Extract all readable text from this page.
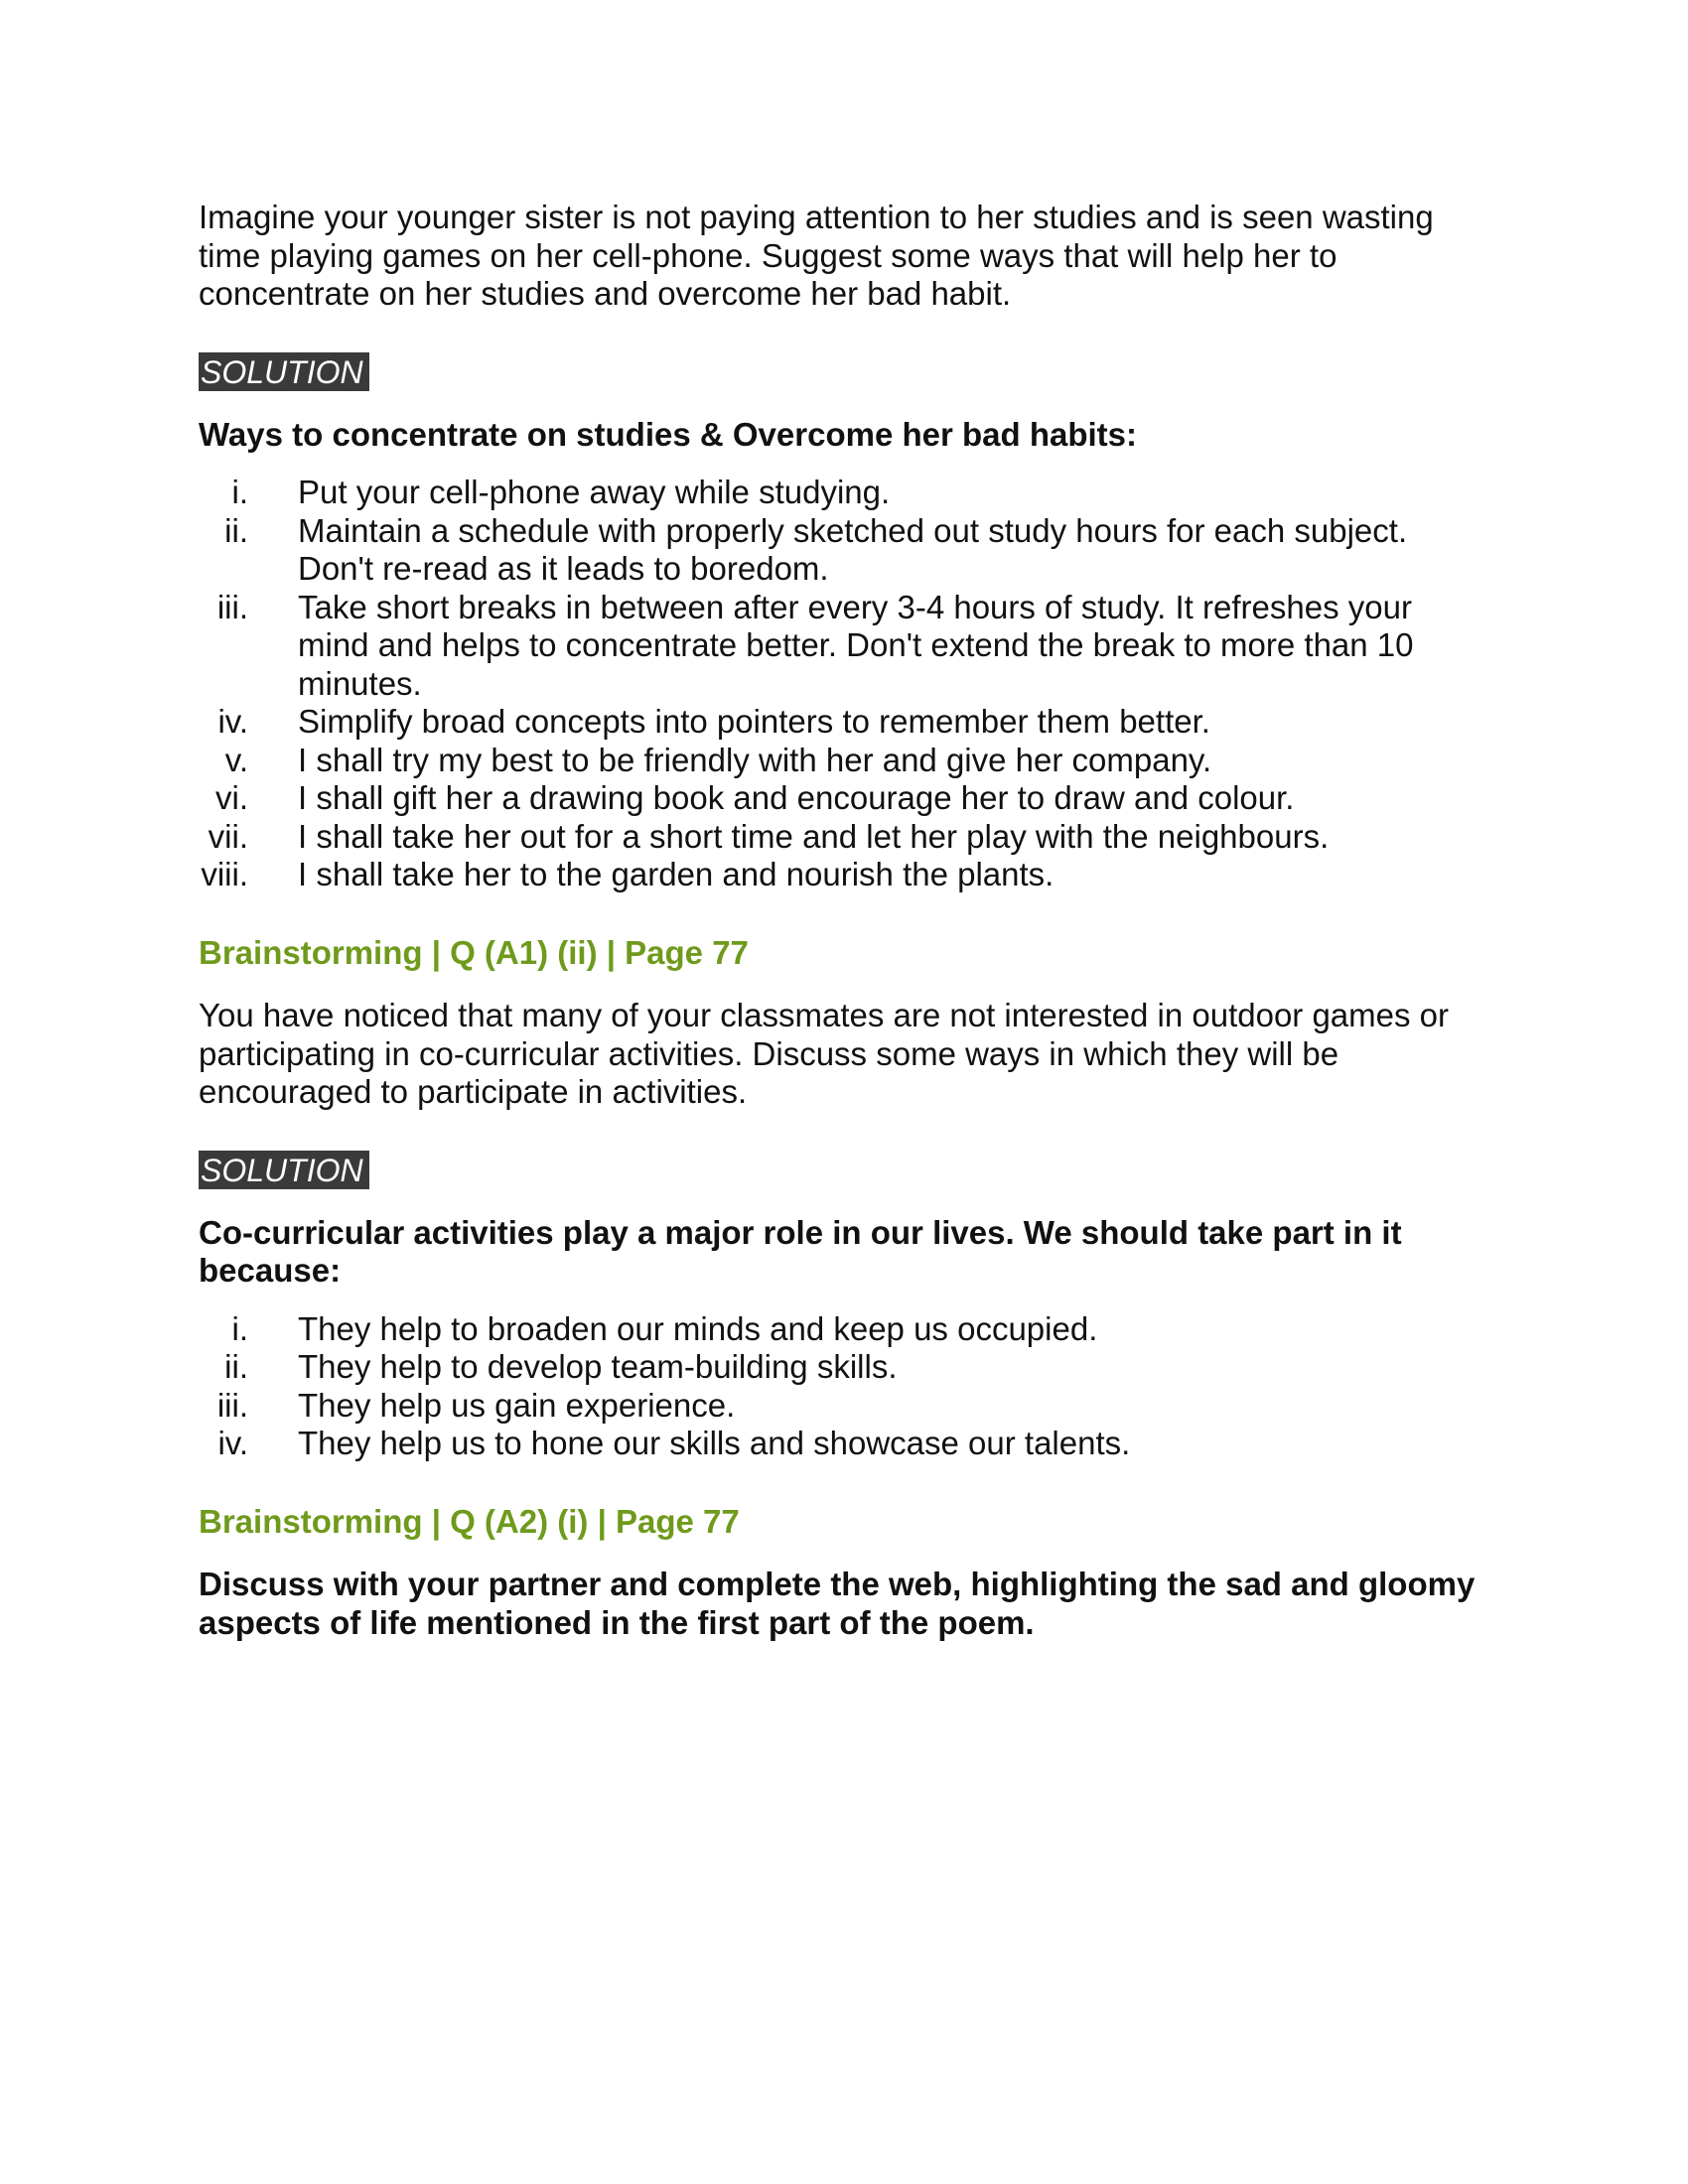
Imagine your younger sister is not paying attention to her studies and is seen wasting time playing games on her cell-phone. Suggest some ways that will help her to concentrate on her studies and overcome her bad habit.

SOLUTION

Ways to concentrate on studies & Overcome her bad habits:

i. Put your cell-phone away while studying.
ii. Maintain a schedule with properly sketched out study hours for each subject. Don't re-read as it leads to boredom.
iii. Take short breaks in between after every 3-4 hours of study. It refreshes your mind and helps to concentrate better. Don't extend the break to more than 10 minutes.
iv. Simplify broad concepts into pointers to remember them better.
v. I shall try my best to be friendly with her and give her company.
vi. I shall gift her a drawing book and encourage her to draw and colour.
vii. I shall take her out for a short time and let her play with the neighbours.
viii. I shall take her to the garden and nourish the plants.

Brainstorming | Q (A1) (ii) | Page 77

You have noticed that many of your classmates are not interested in outdoor games or participating in co-curricular activities. Discuss some ways in which they will be encouraged to participate in activities.

SOLUTION

Co-curricular activities play a major role in our lives. We should take part in it because:

i. They help to broaden our minds and keep us occupied.
ii. They help to develop team-building skills.
iii. They help us gain experience.
iv. They help us to hone our skills and showcase our talents.

Brainstorming | Q (A2) (i) | Page 77

Discuss with your partner and complete the web, highlighting the sad and gloomy aspects of life mentioned in the first part of the poem.
